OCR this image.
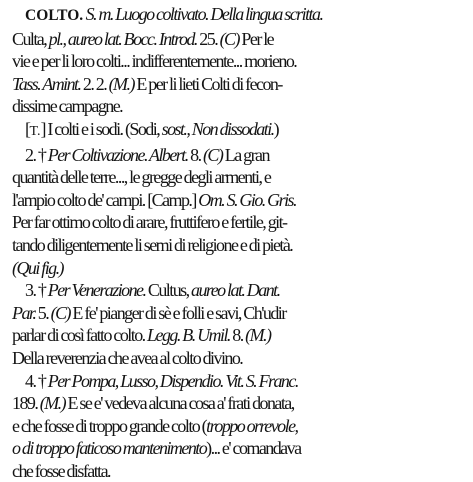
COLTO. S. m. Luogo coltivato. Della lingua scritta.
Culta, pl., aureo lat. Bocc. Introd. 25. (C) Per le
vie e per li loro colti... indifferentemente... morieno.
Tass. Amint. 2. 2. (M.) E per li lieti Colti di fecon-
dissime campagne.
[T.] I colti e i sodi. (Sodi, sost., Non dissodati.)
2. † Per Coltivazione. Albert. 8. (C) La gran
quantità delle terre..., le gregge degli armenti, e
l'ampio colto de' campi. [Camp.] Om. S. Gio. Gris.
Per far ottimo colto di arare, fruttifero e fertile, git-
tando diligentemente li semi di religione e di pietà.
(Qui fig.)
3. † Per Venerazione. Cultus, aureo lat. Dant.
Par. 5. (C) E fe' pianger di sè e folli e savi, Ch'udir
parlar di così fatto colto. Legg. B. Umil. 8. (M.)
Della reverenzia che avea al colto divino.
4. † Per Pompa, Lusso, Dispendio. Vit. S. Franc.
189. (M.) E se e' vedeva alcuna cosa a' frati donata,
e che fosse di troppo grande colto (troppo orrevole,
o di troppo faticoso mantenimento)... e' comandava
che fosse disfatta.
